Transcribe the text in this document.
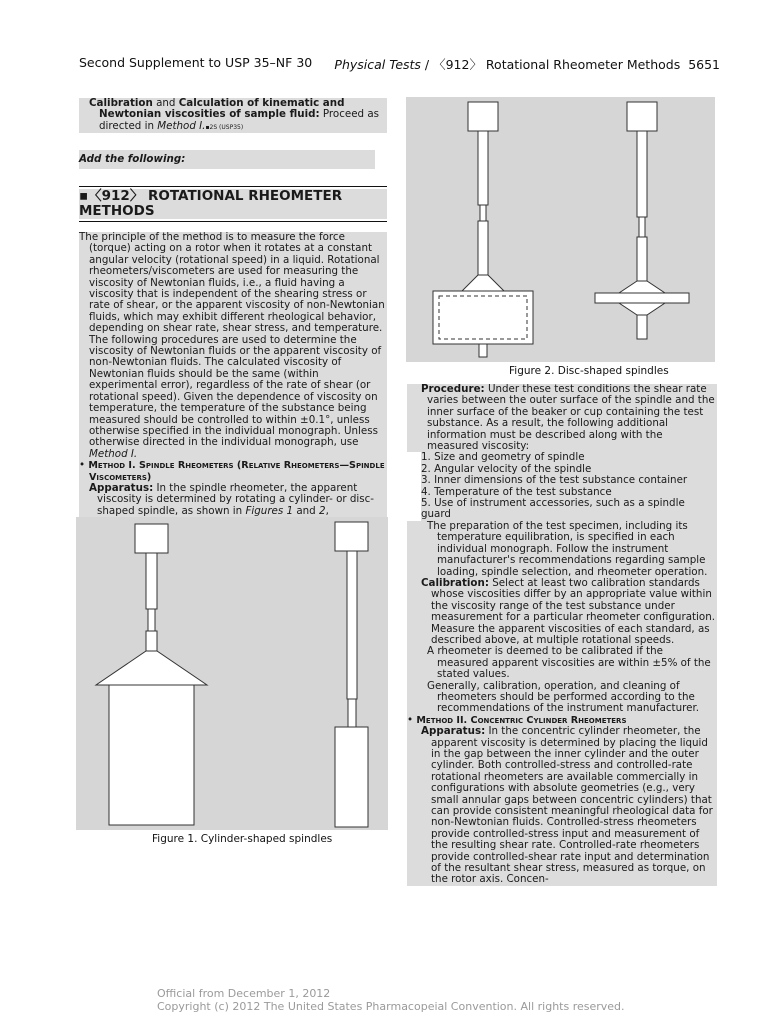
Second Supplement to USP 35–NF 30 Physical Tests / 〈912〉 Rotational Rheometer Methods 5651

Calibration and Calculation of kinematic and Newtonian viscosities of sample fluid: Proceed as directed in Method I.▪2S (USP35)

Add the following:
▪〈912〉 ROTATIONAL RHEOMETER METHODS

The principle of the method is to measure the force (torque) acting on a rotor when it rotates at a constant angular velocity (rotational speed) in a liquid. Rotational rheometers/viscometers are used for measuring the viscosity of Newtonian fluids, i.e., a fluid having a viscosity that is independent of the shearing stress or rate of shear, or the apparent viscosity of non-Newtonian fluids, which may exhibit different rheological behavior, depending on shear rate, shear stress, and temperature. The following procedures are used to determine the viscosity of Newtonian fluids or the apparent viscosity of non-Newtonian fluids. The calculated viscosity of Newtonian fluids should be the same (within experimental error), regardless of the rate of shear (or rotational speed). Given the dependence of viscosity on temperature, the temperature of the substance being measured should be controlled to within ±0.1°, unless otherwise specified in the individual monograph. Unless otherwise directed in the individual monograph, use Method I.

• Method I. Spindle Rheometers (Relative Rheometers—Spindle Viscometers)

Apparatus: In the spindle rheometer, the apparent viscosity is determined by rotating a cylinder- or disc-shaped spindle, as shown in Figures 1 and 2,

Figure 1. Cylinder-shaped spindles
Figure 2. Disc-shaped spindles

Procedure: Under these test conditions the shear rate varies between the outer surface of the spindle and the inner surface of the beaker or cup containing the test substance. As a result, the following additional information must be described along with the measured viscosity:

1. Size and geometry of spindle
2. Angular velocity of the spindle
3. Inner dimensions of the test substance container
4. Temperature of the test substance
5. Use of instrument accessories, such as a spindle guard

The preparation of the test specimen, including its temperature equilibration, is specified in each individual monograph. Follow the instrument manufacturer's recommendations regarding sample loading, spindle selection, and rheometer operation.

Calibration: Select at least two calibration standards whose viscosities differ by an appropriate value within the viscosity range of the test substance under measurement for a particular rheometer configuration. Measure the apparent viscosities of each standard, as described above, at multiple rotational speeds.

A rheometer is deemed to be calibrated if the measured apparent viscosities are within ±5% of the stated values.

Generally, calibration, operation, and cleaning of rheometers should be performed according to the recommendations of the instrument manufacturer.

• Method II. Concentric Cylinder Rheometers

Apparatus: In the concentric cylinder rheometer, the apparent viscosity is determined by placing the liquid in the gap between the inner cylinder and the outer cylinder. Both controlled-stress and controlled-rate rotational rheometers are available commercially in configurations with absolute geometries (e.g., very small annular gaps between concentric cylinders) that can provide consistent meaningful rheological data for non-Newtonian fluids. Controlled-stress rheometers provide controlled-stress input and measurement of the resulting shear rate. Controlled-rate rheometers provide controlled-shear rate input and determination of the resultant shear stress, measured as torque, on the rotor axis. Concen-

Official from December 1, 2012
Copyright (c) 2012 The United States Pharmacopeial Convention. All rights reserved.
